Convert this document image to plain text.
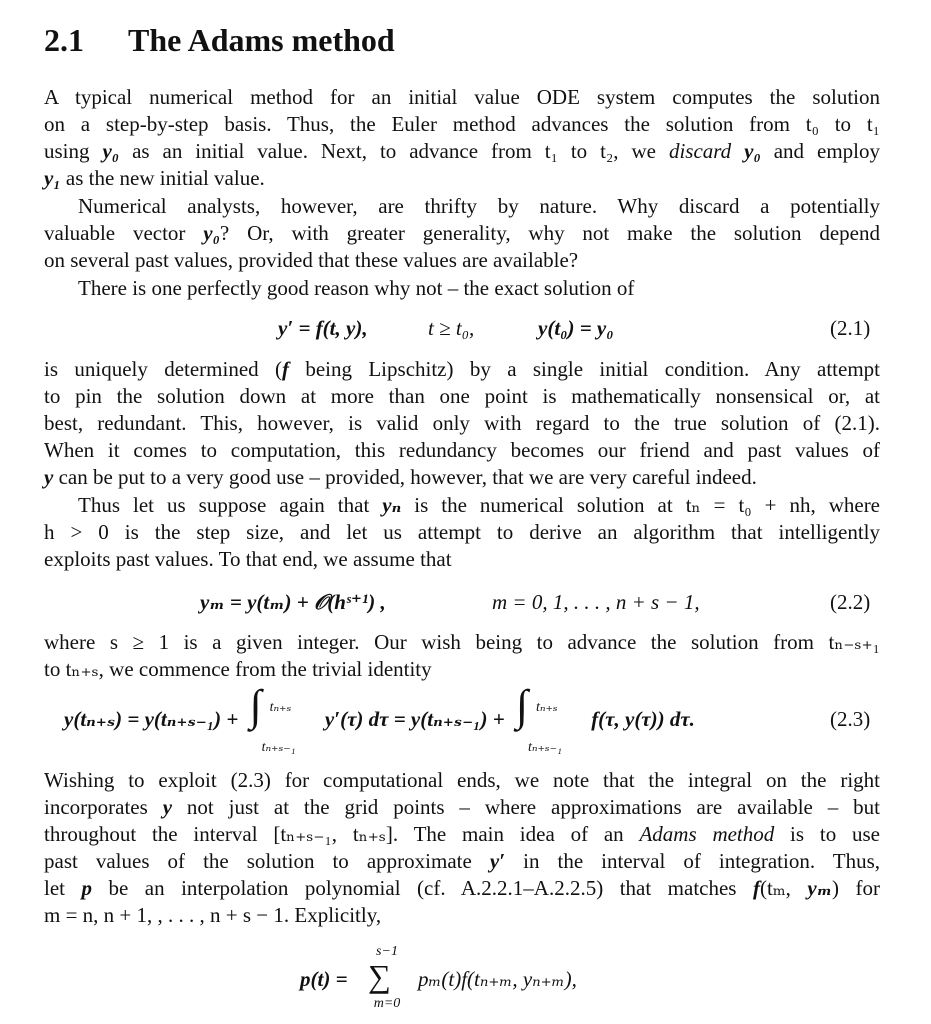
2.1 The Adams method
A typical numerical method for an initial value ODE system computes the solution
on a step-by-step basis. Thus, the Euler method advances the solution from t₀ to t₁
using y₀ as an initial value. Next, to advance from t₁ to t₂, we discard y₀ and employ
y₁ as the new initial value.
Numerical analysts, however, are thrifty by nature. Why discard a potentially
valuable vector y₀? Or, with greater generality, why not make the solution depend
on several past values, provided that these values are available?
There is one perfectly good reason why not – the exact solution of
y′ = f(t, y),	t ≥ t₀,	y(t₀) = y₀	(2.1)
is uniquely determined (f being Lipschitz) by a single initial condition. Any attempt
to pin the solution down at more than one point is mathematically nonsensical or, at
best, redundant. This, however, is valid only with regard to the true solution of (2.1).
When it comes to computation, this redundancy becomes our friend and past values of
y can be put to a very good use – provided, however, that we are very careful indeed.
Thus let us suppose again that yₙ is the numerical solution at tₙ = t₀ + nh, where
h > 0 is the step size, and let us attempt to derive an algorithm that intelligently
exploits past values. To that end, we assume that
yₘ = y(tₘ) + 𝒪(hˢ⁺¹) ,	m = 0, 1, . . . , n + s − 1,	(2.2)
where s ≥ 1 is a given integer. Our wish being to advance the solution from tₙ₋ₛ₊₁
to tₙ₊ₛ, we commence from the trivial identity
y(tₙ₊ₛ) = y(tₙ₊ₛ₋₁) + ∫ tₙ₊ₛ
tₙ₊ₛ₋₁
y′(τ) dτ = y(tₙ₊ₛ₋₁) + ∫ tₙ₊ₛ
tₙ₊ₛ₋₁
f(τ, y(τ)) dτ.	(2.3)
Wishing to exploit (2.3) for computational ends, we note that the integral on the right
incorporates y not just at the grid points – where approximations are available – but
throughout the interval [tₙ₊ₛ₋₁, tₙ₊ₛ]. The main idea of an Adams method is to use
past values of the solution to approximate y′ in the interval of integration. Thus,
let p be an interpolation polynomial (cf. A.2.2.1–A.2.2.5) that matches f(tₘ, yₘ) for
m = n, n + 1, , . . . , n + s − 1. Explicitly,
p(t) =
s−1
∑
m=0
pₘ(t)f(tₙ₊ₘ, yₙ₊ₘ),
